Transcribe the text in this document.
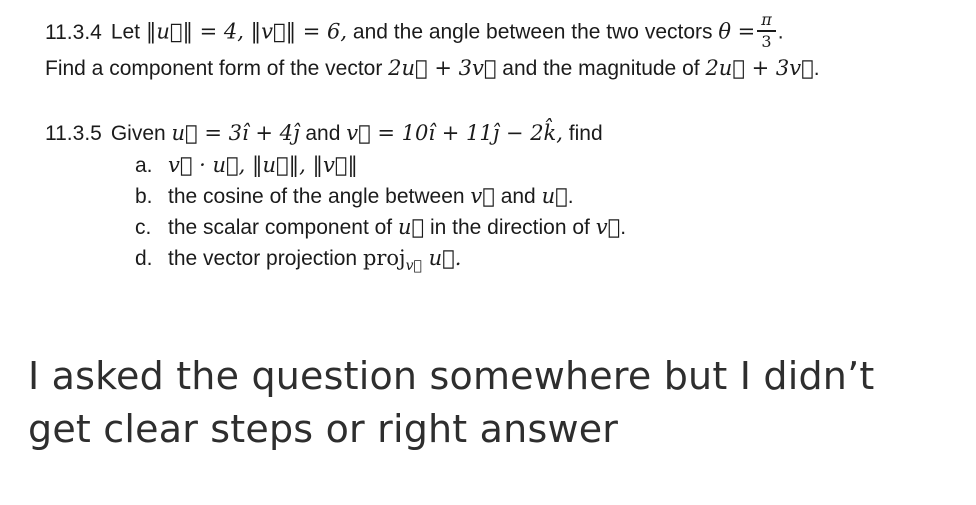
11.3.4 Let ‖u⃗‖ = 4, ‖v⃗‖ = 6, and the angle between the two vectors $\theta = \frac{\pi}{3}$ .
Find a component form of the vector 2u⃗ + 3v⃗ and the magnitude of 2u⃗ + 3v⃗.
11.3.5 Given u⃗ = 3î + 4ĵ and v⃗ = 10î + 11ĵ − 2k̂, find
a. v⃗ · u⃗, ‖u⃗‖, ‖v⃗‖
b. the cosine of the angle between v⃗ and u⃗.
c. the scalar component of u⃗ in the direction of v⃗.
d. the vector projection proj$_{v⃗}$ u⃗.

I asked the question somewhere but I didn’t
get clear steps or right answer
